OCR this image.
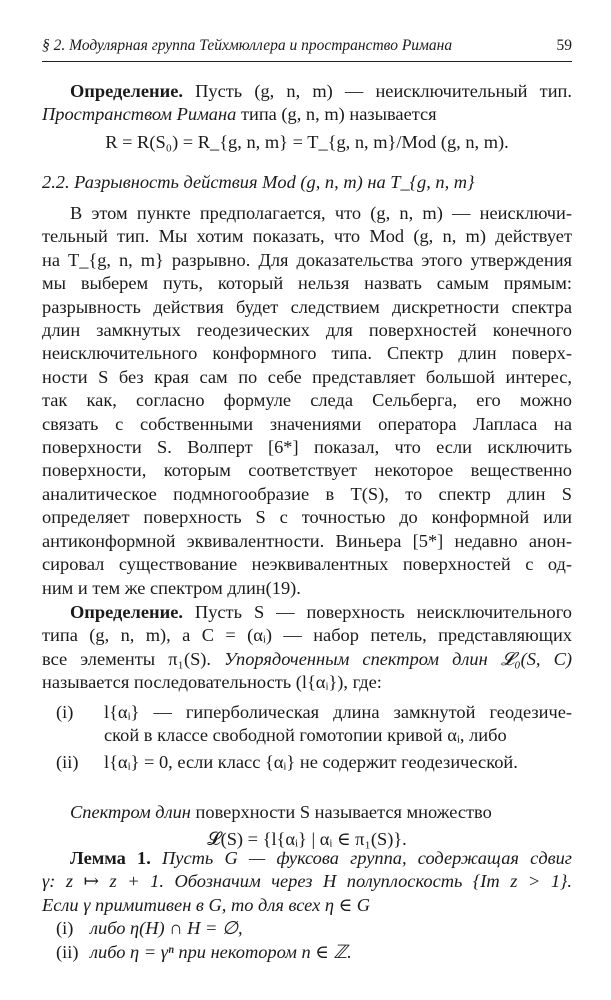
§ 2. Модулярная группа Тейхмюллера и пространство Римана	59
Определение. Пусть (g, n, m) — неисключительный тип.
Пространством Римана типа (g, n, m) называется
R = R(S₀) = R_{g, n, m} = T_{g, n, m}/Mod (g, n, m).
2.2. Разрывность действия Mod (g, n, m) на T_{g, n, m}
В этом пункте предполагается, что (g, n, m) — неисключи-
тельный тип. Мы хотим показать, что Mod (g, n, m) действует
на T_{g, n, m} разрывно. Для доказательства этого утверждения
мы выберем путь, который нельзя назвать самым прямым:
разрывность действия будет следствием дискретности спектра
длин замкнутых геодезических для поверхностей конечного
неисключительного конформного типа. Спектр длин поверх-
ности S без края сам по себе представляет большой интерес,
так как, согласно формуле следа Сельберга, его можно
связать с собственными значениями оператора Лапласа на
поверхности S. Волперт [6*] показал, что если исключить
поверхности, которым соответствует некоторое вещественно
аналитическое подмногообразие в T(S), то спектр длин S
определяет поверхность S с точностью до конформной или
антиконформной эквивалентности. Виньера [5*] недавно анон-
сировал существование неэквивалентных поверхностей с од-
ним и тем же спектром длин(19).
Определение. Пусть S — поверхность неисключительного
типа (g, n, m), а C = (αᵢ) — набор петель, представляющих
все элементы π₁(S). Упорядоченным спектром длин 𝓛₀(S, C)
называется последовательность (l{αᵢ}), где:
(i) l{αᵢ} — гиперболическая длина замкнутой геодезиче-
ской в классе свободной гомотопии кривой αᵢ, либо
(ii) l{αᵢ} = 0, если класс {αᵢ} не содержит геодезической.
Спектром длин поверхности S называется множество
𝓛(S) = {l{αᵢ} | αᵢ ∈ π₁(S)}.
Лемма 1. Пусть G — фуксова группа, содержащая сдвиг
γ: z ↦ z + 1. Обозначим через H полуплоскость {Im z > 1}.
Если γ примитивен в G, то для всех η ∈ G
(i) либо η(H) ∩ H = ∅,
(ii) либо η = γⁿ при некотором n ∈ ℤ.
